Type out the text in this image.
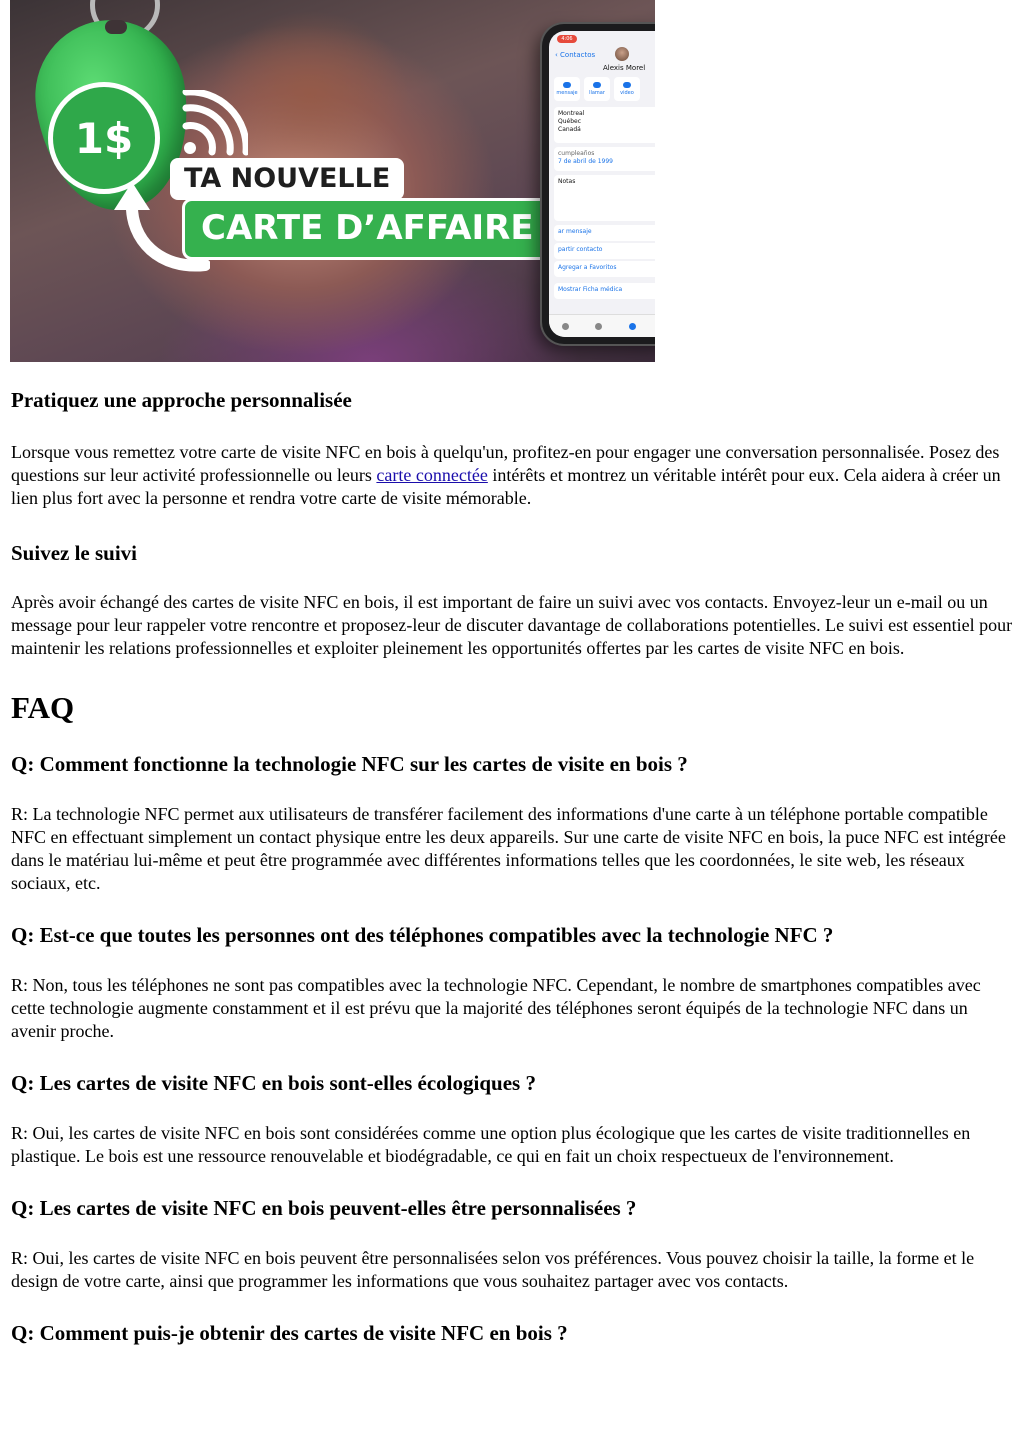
1$
TA NOUVELLE
CARTE D’AFFAIRE
4:06
‹ Contactos
Alexis Morel
mensaje llamar	video
Montreal
Québec
Canadá
cumpleaños
7 de abril de 1999
Notas
ar mensaje
partir contacto
Agregar a Favoritos
Mostrar Ficha médica
Pratiquez une approche personnalisée

Lorsque vous remettez votre carte de visite NFC en bois à quelqu'un, profitez-en pour engager une conversation personnalisée. Posez des questions sur leur activité professionnelle ou leurs carte connectée intérêts et montrez un véritable intérêt pour eux. Cela aidera à créer un lien plus fort avec la personne et rendra votre carte de visite mémorable.

Suivez le suivi

Après avoir échangé des cartes de visite NFC en bois, il est important de faire un suivi avec vos contacts. Envoyez-leur un e-mail ou un message pour leur rappeler votre rencontre et proposez-leur de discuter davantage de collaborations potentielles. Le suivi est essentiel pour maintenir les relations professionnelles et exploiter pleinement les opportunités offertes par les cartes de visite NFC en bois.

FAQ
Q: Comment fonctionne la technologie NFC sur les cartes de visite en bois ?

R: La technologie NFC permet aux utilisateurs de transférer facilement des informations d'une carte à un téléphone portable compatible NFC en effectuant simplement un contact physique entre les deux appareils. Sur une carte de visite NFC en bois, la puce NFC est intégrée dans le matériau lui-même et peut être programmée avec différentes informations telles que les coordonnées, le site web, les réseaux sociaux, etc.

Q: Est-ce que toutes les personnes ont des téléphones compatibles avec la technologie NFC ?

R: Non, tous les téléphones ne sont pas compatibles avec la technologie NFC. Cependant, le nombre de smartphones compatibles avec cette technologie augmente constamment et il est prévu que la majorité des téléphones seront équipés de la technologie NFC dans un avenir proche.

Q: Les cartes de visite NFC en bois sont-elles écologiques ?

R: Oui, les cartes de visite NFC en bois sont considérées comme une option plus écologique que les cartes de visite traditionnelles en plastique. Le bois est une ressource renouvelable et biodégradable, ce qui en fait un choix respectueux de l'environnement.

Q: Les cartes de visite NFC en bois peuvent-elles être personnalisées ?

R: Oui, les cartes de visite NFC en bois peuvent être personnalisées selon vos préférences. Vous pouvez choisir la taille, la forme et le design de votre carte, ainsi que programmer les informations que vous souhaitez partager avec vos contacts.

Q: Comment puis-je obtenir des cartes de visite NFC en bois ?
